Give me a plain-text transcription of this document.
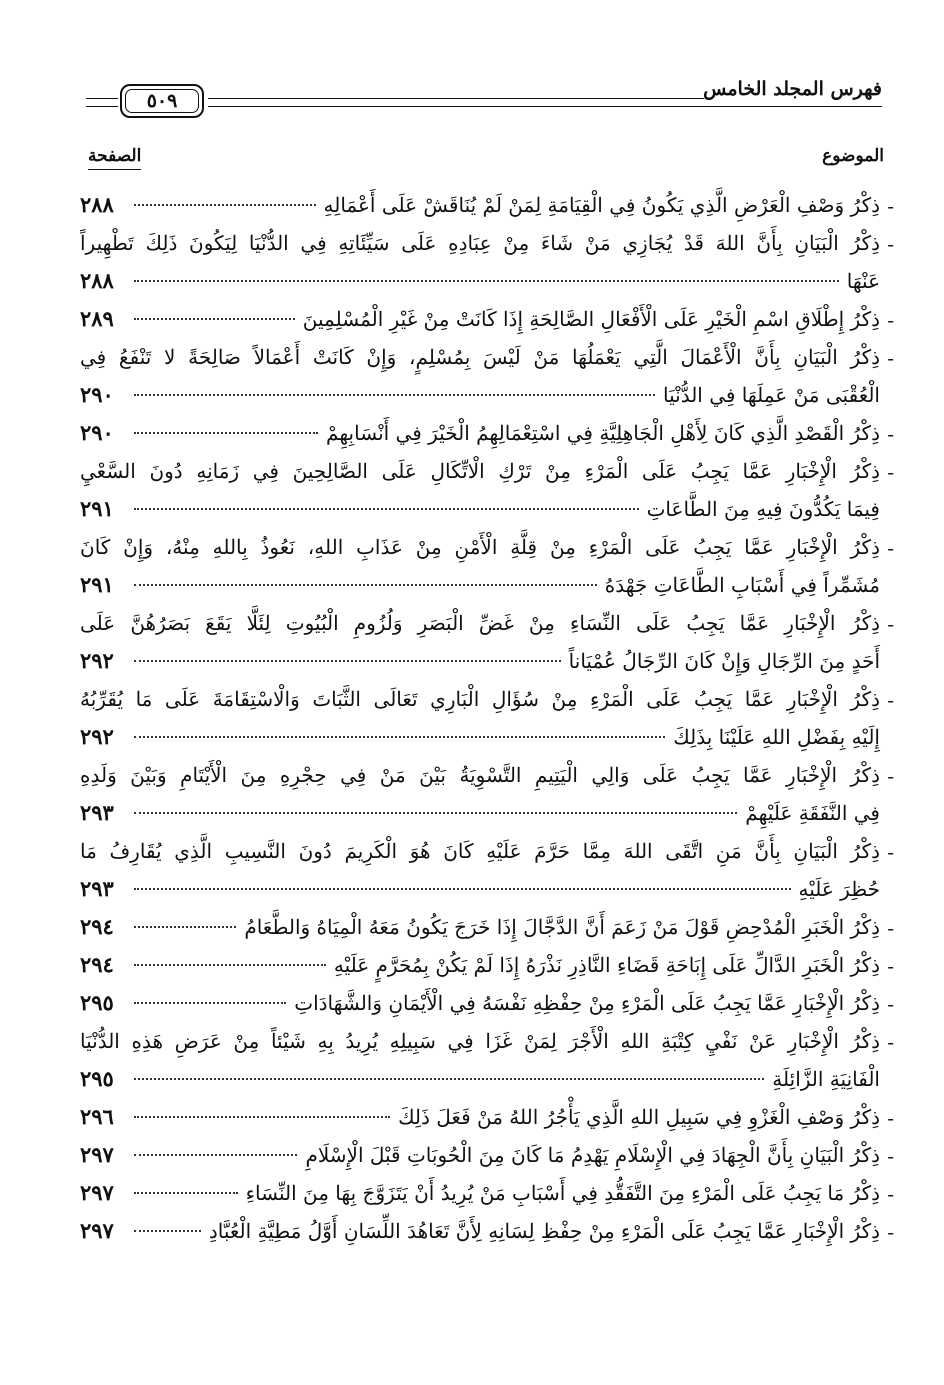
فهرس المجلد الخامس
٥٠٩
الموضوع
الصفحة
-
ذِكْرُ وَصْفِ الْعَرْضِ الَّذِي يَكُونُ فِي الْقِيَامَةِ لِمَنْ لَمْ يُنَاقَشْ عَلَى أَعْمَالِهِ
٢٨٨
-
ذِكْرُ الْبَيَانِ بِأَنَّ اللهَ قَدْ يُجَازِي مَنْ شَاءَ مِنْ عِبَادِهِ عَلَى سَيِّئَاتِهِ فِي الدُّنْيَا لِيَكُونَ ذَلِكَ تَطْهِيراً
عَنْهَا
٢٨٨
-
ذِكْرُ إِطْلَاقِ اسْمِ الْخَيْرِ عَلَى الْأَفْعَالِ الصَّالِحَةِ إِذَا كَانَتْ مِنْ غَيْرِ الْمُسْلِمِينَ
٢٨٩
-
ذِكْرُ الْبَيَانِ بِأَنَّ الْأَعْمَالَ الَّتِي يَعْمَلُهَا مَنْ لَيْسَ بِمُسْلِمٍ، وَإِنْ كَانَتْ أَعْمَالاً صَالِحَةً لا تَنْفَعُ فِي
الْعُقْبَى مَنْ عَمِلَهَا فِي الدُّنْيَا
٢٩٠
-
ذِكْرُ الْقَصْدِ الَّذِي كَانَ لِأَهْلِ الْجَاهِلِيَّةِ فِي اسْتِعْمَالِهِمُ الْخَيْرَ فِي أَنْسَابِهِمْ
٢٩٠
-
ذِكْرُ الْإِخْبَارِ عَمَّا يَجِبُ عَلَى الْمَرْءِ مِنْ تَرْكِ الْاتِّكَالِ عَلَى الصَّالِحِينَ فِي زَمَانِهِ دُونَ السَّعْيِ
فِيمَا يَكُدُّونَ فِيهِ مِنَ الطَّاعَاتِ
٢٩١
-
ذِكْرُ الْإِخْبَارِ عَمَّا يَجِبُ عَلَى الْمَرْءِ مِنْ قِلَّةِ الْأَمْنِ مِنْ عَذَابِ اللهِ، نَعُوذُ بِاللهِ مِنْهُ، وَإِنْ كَانَ
مُشَمِّراً فِي أَسْبَابِ الطَّاعَاتِ جَهْدَهُ
٢٩١
-
ذِكْرُ الْإِخْبَارِ عَمَّا يَجِبُ عَلَى النِّسَاءِ مِنْ غَضِّ الْبَصَرِ وَلُزُومِ الْبُيُوتِ لِئَلَّا يَقَعَ بَصَرُهُنَّ عَلَى
أَحَدٍ مِنَ الرِّجَالِ وَإِنْ كَانَ الرِّجَالُ عُمْيَاناً
٢٩٢
-
ذِكْرُ الْإِخْبَارِ عَمَّا يَجِبُ عَلَى الْمَرْءِ مِنْ سُؤَالِ الْبَارِي تَعَالَى الثَّبَاتَ وَالْاسْتِقَامَةَ عَلَى مَا يُقَرِّبُهُ
إِلَيْهِ بِفَضْلِ اللهِ عَلَيْنَا بِذَلِكَ
٢٩٢
-
ذِكْرُ الْإِخْبَارِ عَمَّا يَجِبُ عَلَى وَالِي الْيَتِيمِ التَّسْوِيَةُ بَيْنَ مَنْ فِي حِجْرِهِ مِنَ الْأَيْتَامِ وَبَيْنَ وَلَدِهِ
فِي النَّفَقَةِ عَلَيْهِمْ
٢٩٣
-
ذِكْرُ الْبَيَانِ بِأَنَّ مَنِ اتَّقَى اللهَ مِمَّا حَرَّمَ عَلَيْهِ كَانَ هُوَ الْكَرِيمَ دُونَ النَّسِيبِ الَّذِي يُقَارِفُ مَا
حُظِرَ عَلَيْهِ
٢٩٣
-
ذِكْرُ الْخَبَرِ الْمُدْحِضِ قَوْلَ مَنْ زَعَمَ أَنَّ الدَّجَّالَ إِذَا خَرَجَ يَكُونُ مَعَهُ الْمِيَاهُ وَالطَّعَامُ
٢٩٤
-
ذِكْرُ الْخَبَرِ الدَّالِّ عَلَى إِبَاحَةِ قَضَاءِ النَّاذِرِ نَذْرَهُ إِذَا لَمْ يَكُنْ بِمُحَرَّمٍ عَلَيْهِ
٢٩٤
-
ذِكْرُ الْإِخْبَارِ عَمَّا يَجِبُ عَلَى الْمَرْءِ مِنْ حِفْظِهِ نَفْسَهُ فِي الْأَيْمَانِ وَالشَّهَادَاتِ
٢٩٥
-
ذِكْرُ الْإِخْبَارِ عَنْ نَفْيِ كِتْبَةِ اللهِ الْأَجْرَ لِمَنْ غَزَا فِي سَبِيلِهِ يُرِيدُ بِهِ شَيْئاً مِنْ عَرَضِ هَذِهِ الدُّنْيَا
الْفَانِيَةِ الزَّائِلَةِ
٢٩٥
-
ذِكْرُ وَصْفِ الْغَزْوِ فِي سَبِيلِ اللهِ الَّذِي يَأْجُرُ اللهُ مَنْ فَعَلَ ذَلِكَ
٢٩٦
-
ذِكْرُ الْبَيَانِ بِأَنَّ الْجِهَادَ فِي الْإِسْلَامِ يَهْدِمُ مَا كَانَ مِنَ الْحُوبَاتِ قَبْلَ الْإِسْلَامِ
٢٩٧
-
ذِكْرُ مَا يَجِبُ عَلَى الْمَرْءِ مِنَ التَّفَقُّدِ فِي أَسْبَابِ مَنْ يُرِيدُ أَنْ يَتَزَوَّجَ بِهَا مِنَ النِّسَاءِ
٢٩٧
-
ذِكْرُ الْإِخْبَارِ عَمَّا يَجِبُ عَلَى الْمَرْءِ مِنْ حِفْظِ لِسَانِهِ لِأَنَّ تَعَاهُدَ اللِّسَانِ أَوَّلُ مَطِيَّةِ الْعُبَّادِ
٢٩٧
